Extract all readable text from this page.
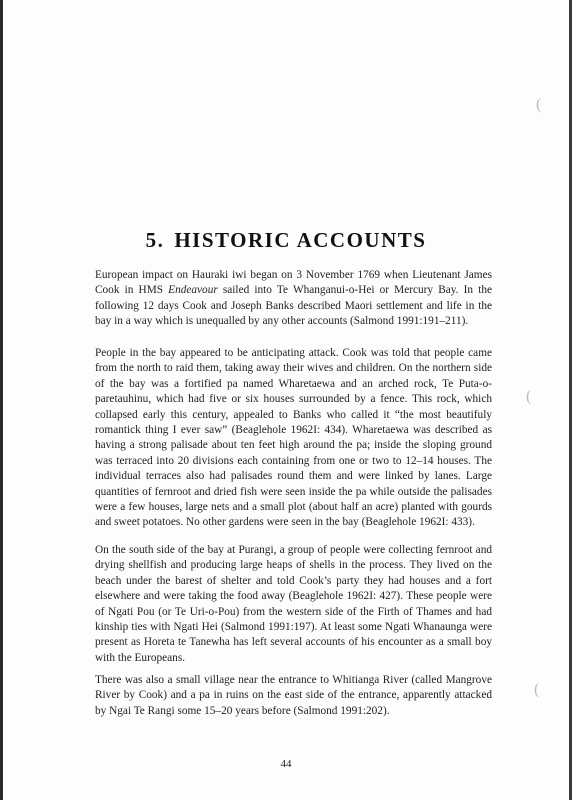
(
(
(
5. HISTORIC ACCOUNTS

European impact on Hauraki iwi began on 3 November 1769 when Lieutenant James Cook in HMS Endeavour sailed into Te Whanganui-o-Hei or Mercury Bay. In the following 12 days Cook and Joseph Banks described Maori settlement and life in the bay in a way which is unequalled by any other accounts (Salmond 1991:191–211).

People in the bay appeared to be anticipating attack. Cook was told that people came from the north to raid them, taking away their wives and children. On the northern side of the bay was a fortified pa named Wharetaewa and an arched rock, Te Puta-o-paretauhinu, which had five or six houses surrounded by a fence. This rock, which collapsed early this century, appealed to Banks who called it “the most beautifuly romantick thing I ever saw” (Beaglehole 1962I: 434). Wharetaewa was described as having a strong palisade about ten feet high around the pa; inside the sloping ground was terraced into 20 divisions each containing from one or two to 12–14 houses. The individual terraces also had palisades round them and were linked by lanes. Large quantities of fernroot and dried fish were seen inside the pa while outside the palisades were a few houses, large nets and a small plot (about half an acre) planted with gourds and sweet potatoes. No other gardens were seen in the bay (Beaglehole 1962I: 433).

On the south side of the bay at Purangi, a group of people were collecting fernroot and drying shellfish and producing large heaps of shells in the process. They lived on the beach under the barest of shelter and told Cook’s party they had houses and a fort elsewhere and were taking the food away (Beaglehole 1962I: 427). These people were of Ngati Pou (or Te Uri-o-Pou) from the western side of the Firth of Thames and had kinship ties with Ngati Hei (Salmond 1991:197). At least some Ngati Whanaunga were present as Horeta te Tanewha has left several accounts of his encounter as a small boy with the Europeans.

There was also a small village near the entrance to Whitianga River (called Mangrove River by Cook) and a pa in ruins on the east side of the entrance, apparently attacked by Ngai Te Rangi some 15–20 years before (Salmond 1991:202).

44
